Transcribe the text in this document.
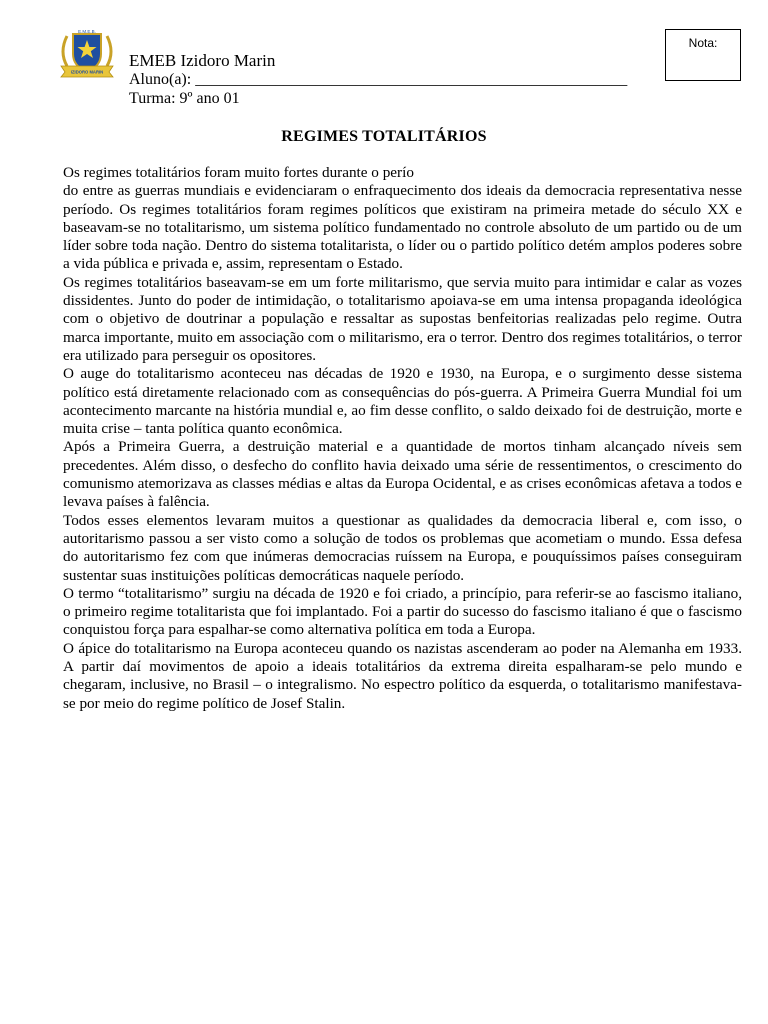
E.M.E.B.
IZIDORO MARIN
Nota:
EMEB Izidoro Marin
Aluno(a): ______________________________________________________
Turma: 9º ano 01
REGIMES TOTALITÁRIOS

Os regimes totalitários foram muito fortes durante o perío

do entre as guerras mundiais e evidenciaram o enfraquecimento dos ideais da democracia representativa nesse período. Os regimes totalitários foram regimes políticos que existiram na primeira metade do século XX e baseavam-se no totalitarismo, um sistema político fundamentado no controle absoluto de um partido ou de um líder sobre toda nação. Dentro do sistema totalitarista, o líder ou o partido político detém amplos poderes sobre a vida pública e privada e, assim, representam o Estado.

Os regimes totalitários baseavam-se em um forte militarismo, que servia muito para intimidar e calar as vozes dissidentes. Junto do poder de intimidação, o totalitarismo apoiava-se em uma intensa propaganda ideológica com o objetivo de doutrinar a população e ressaltar as supostas benfeitorias realizadas pelo regime. Outra marca importante, muito em associação com o militarismo, era o terror. Dentro dos regimes totalitários, o terror era utilizado para perseguir os opositores.

O auge do totalitarismo aconteceu nas décadas de 1920 e 1930, na Europa, e o surgimento desse sistema político está diretamente relacionado com as consequências do pós-guerra. A Primeira Guerra Mundial foi um acontecimento marcante na história mundial e, ao fim desse conflito, o saldo deixado foi de destruição, morte e muita crise – tanta política quanto econômica.

Após a Primeira Guerra, a destruição material e a quantidade de mortos tinham alcançado níveis sem precedentes. Além disso, o desfecho do conflito havia deixado uma série de ressentimentos, o crescimento do comunismo atemorizava as classes médias e altas da Europa Ocidental, e as crises econômicas afetava a todos e levava países à falência.

Todos esses elementos levaram muitos a questionar as qualidades da democracia liberal e, com isso, o autoritarismo passou a ser visto como a solução de todos os problemas que acometiam o mundo. Essa defesa do autoritarismo fez com que inúmeras democracias ruíssem na Europa, e pouquíssimos países conseguiram sustentar suas instituições políticas democráticas naquele período.

O termo “totalitarismo” surgiu na década de 1920 e foi criado, a princípio, para referir-se ao fascismo italiano, o primeiro regime totalitarista que foi implantado. Foi a partir do sucesso do fascismo italiano é que o fascismo conquistou força para espalhar-se como alternativa política em toda a Europa.

O ápice do totalitarismo na Europa aconteceu quando os nazistas ascenderam ao poder na Alemanha em 1933. A partir daí movimentos de apoio a ideais totalitários da extrema direita espalharam-se pelo mundo e chegaram, inclusive, no Brasil – o integralismo. No espectro político da esquerda, o totalitarismo manifestava-se por meio do regime político de Josef Stalin.
